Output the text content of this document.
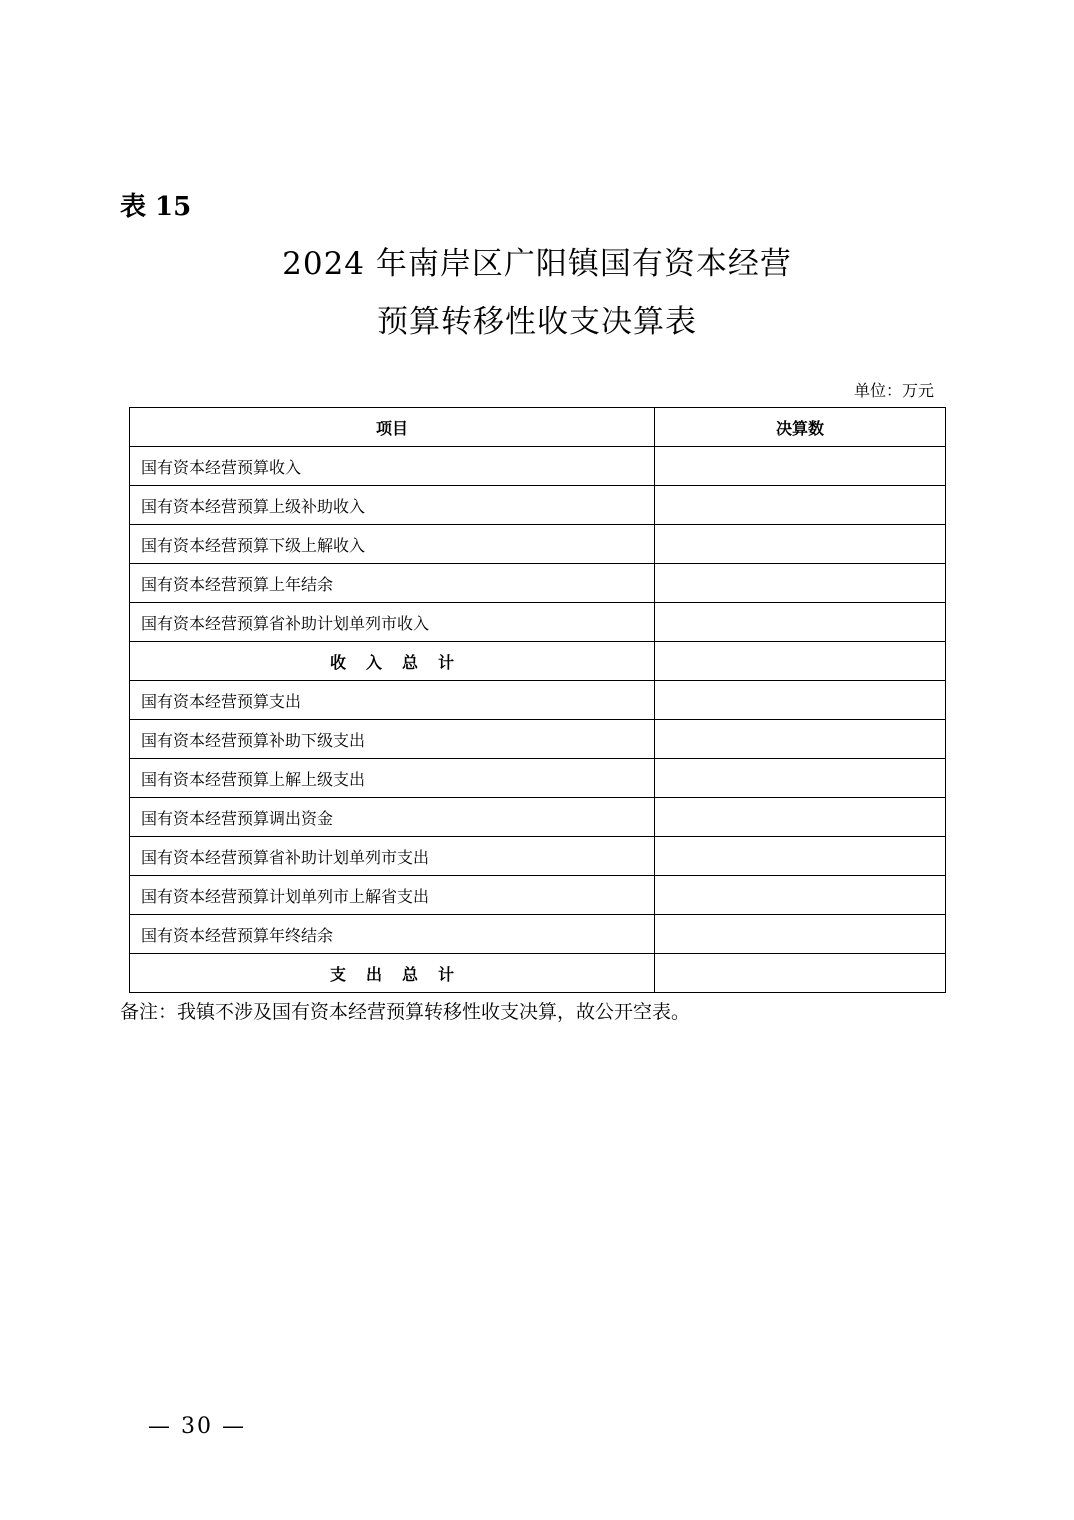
表 15
2024 年南岸区广阳镇国有资本经营
预算转移性收支决算表
单位：万元
项目	决算数
国有资本经营预算收入	
国有资本经营预算上级补助收入	
国有资本经营预算下级上解收入	
国有资本经营预算上年结余	
国有资本经营预算省补助计划单列市收入	
收入总计	
国有资本经营预算支出	
国有资本经营预算补助下级支出	
国有资本经营预算上解上级支出	
国有资本经营预算调出资金	
国有资本经营预算省补助计划单列市支出	
国有资本经营预算计划单列市上解省支出	
国有资本经营预算年终结余	
支出总计	
备注：我镇不涉及国有资本经营预算转移性收支决算，故公开空表。
— 30 —
